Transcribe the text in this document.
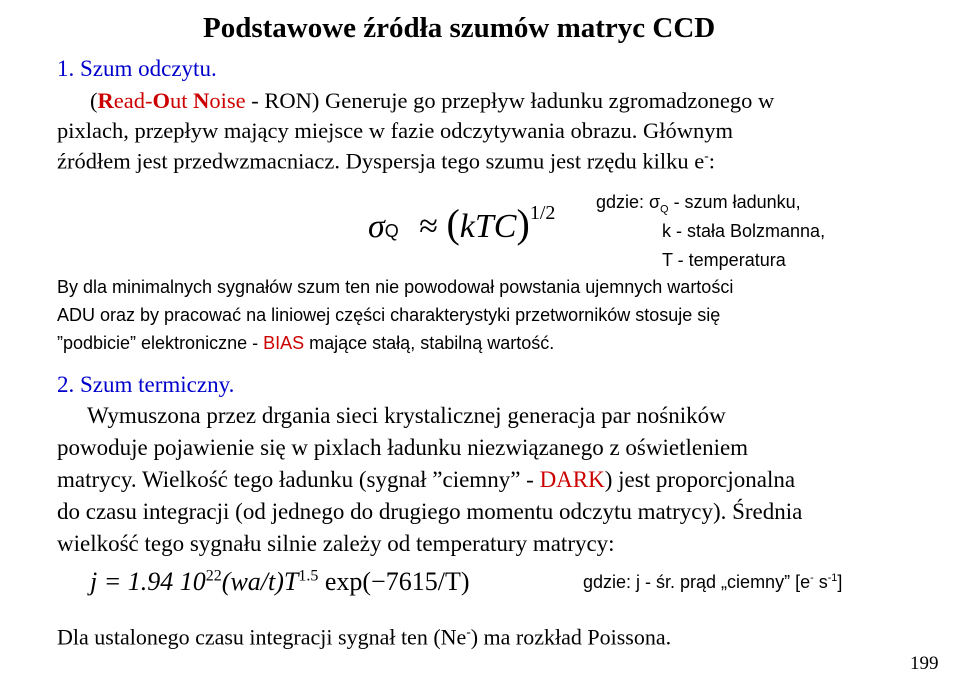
Podstawowe źródła szumów matryc CCD
1. Szum odczytu.
(Read-Out Noise - RON) Generuje go przepływ ładunku zgromadzonego w
pixlach, przepływ mający miejsce w fazie odczytywania obrazu. Głównym
źródłem jest przedwzmacniacz. Dyspersja tego szumu jest rzędu kilku e-:
σQ ≈ (kTC)$^{1/2}$ gdzie: $\sigma_Q$ - szum ładunku,
k - stała Bolzmanna,
T - temperatura
By dla minimalnych sygnałów szum ten nie powodował powstania ujemnych wartości
ADU oraz by pracować na liniowej części charakterystyki przetworników stosuje się
”podbicie” elektroniczne - BIAS mające stałą, stabilną wartość.
2. Szum termiczny.
Wymuszona przez drgania sieci krystalicznej generacja par nośników
powoduje pojawienie się w pixlach ładunku niezwiązanego z oświetleniem
matrycy. Wielkość tego ładunku (sygnał ”ciemny” - DARK) jest proporcjonalna
do czasu integracji (od jednego do drugiego momentu odczytu matrycy). Średnia
wielkość tego sygnału silnie zależy od temperatury matrycy:
j = 1.94 $10^{22}(wa/t)T^{1.5}$ exp(−7615/T)	gdzie: j - śr. prąd „ciemny” [e- $s^{-1}$]
Dla ustalonego czasu integracji sygnał ten (Ne-) ma rozkład Poissona.
199
